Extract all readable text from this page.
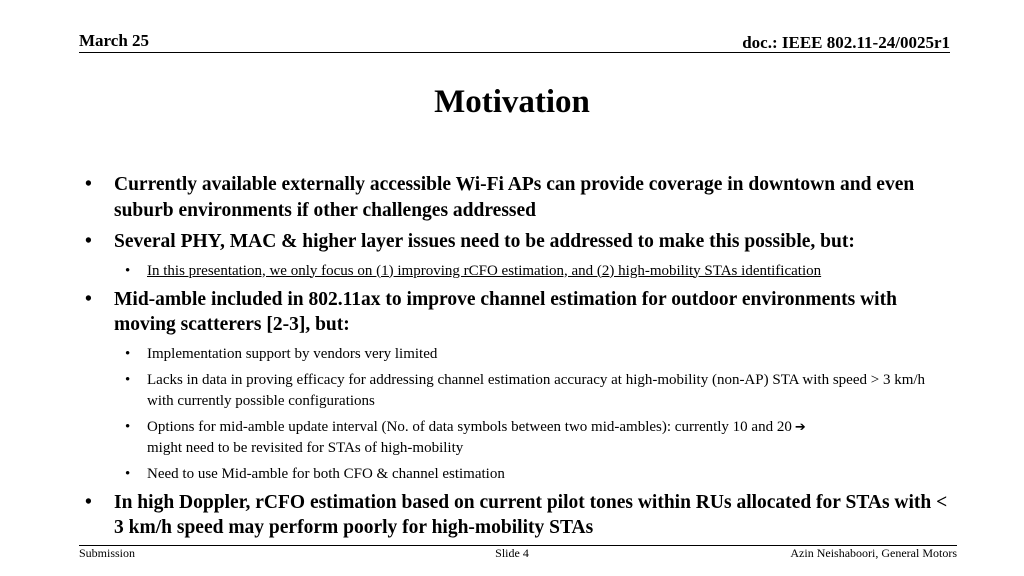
March 25	doc.: IEEE 802.11-24/0025r1
Motivation
• Currently available externally accessible Wi-Fi APs can provide coverage in downtown and even suburb environments if other challenges addressed
• Several PHY, MAC & higher layer issues need to be addressed to make this possible, but:
• In this presentation, we only focus on (1) improving rCFO estimation, and (2) high-mobility STAs identification
• Mid-amble included in 802.11ax to improve channel estimation for outdoor environments with moving scatterers [2-3], but:
• Implementation support by vendors very limited
• Lacks in data in proving efficacy for addressing channel estimation accuracy at high-mobility (non-AP) STA with speed > 3 km/h with currently possible configurations
• Options for mid-amble update interval (No. of data symbols between two mid-ambles): currently 10 and 20 ➔
might need to be revisited for STAs of high-mobility
• Need to use Mid-amble for both CFO & channel estimation
• In high Doppler, rCFO estimation based on current pilot tones within RUs allocated for STAs with < 3 km/h speed may perform poorly for high-mobility STAs
Submission	Slide 4	Azin Neishaboori, General Motors
